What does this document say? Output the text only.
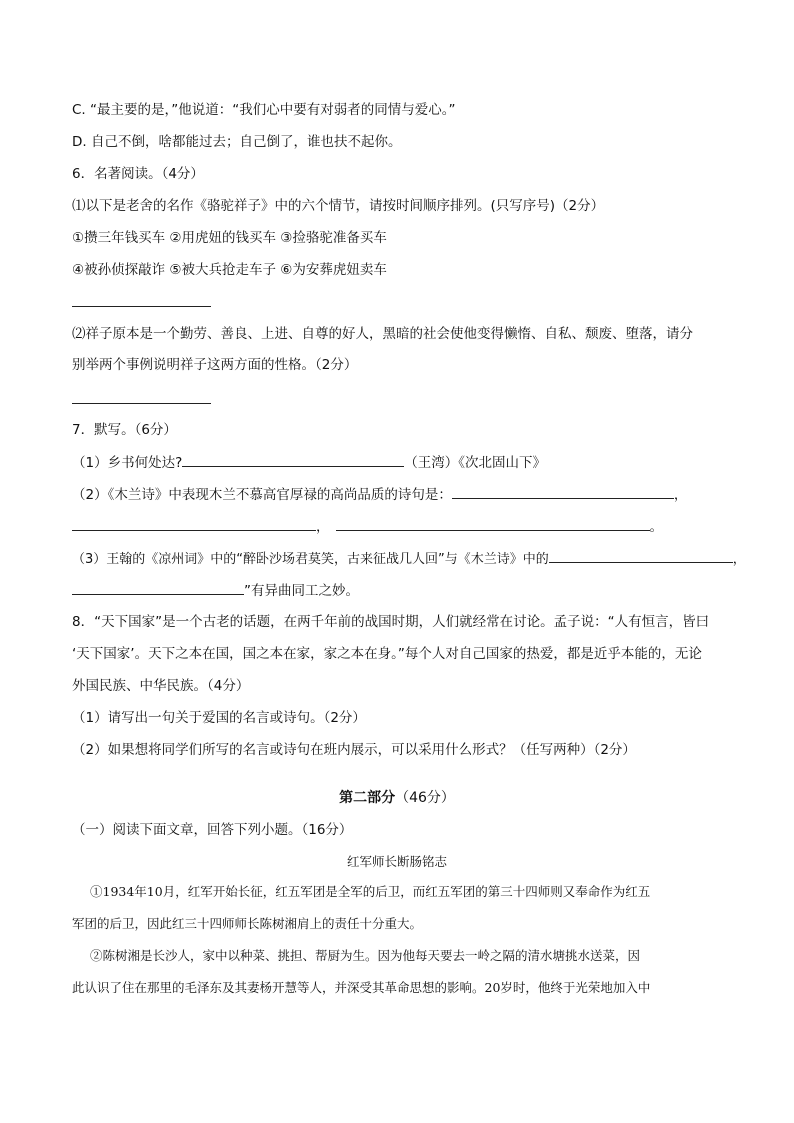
C. “最主要的是，”他说道：“我们心中要有对弱者的同情与爱心。”
D. 自己不倒，啥都能过去；自己倒了，谁也扶不起你。
6．名著阅读。（4分）
⑴以下是老舍的名作《骆驼祥子》中的六个情节，请按时间顺序排列。(只写序号)（2分）
①攒三年钱买车 ②用虎妞的钱买车 ③捡骆驼准备买车
④被孙侦探敲诈 ⑤被大兵抢走车子 ⑥为安葬虎妞卖车
⑵祥子原本是一个勤劳、善良、上进、自尊的好人，黑暗的社会使他变得懒惰、自私、颓废、堕落，请分
别举两个事例说明祥子这两方面的性格。（2分）
7．默写。（6分）
（1）乡书何处达?	（王湾）《次北固山下》
（2）《木兰诗》中表现木兰不慕高官厚禄的高尚品质的诗句是：	，
，	。
（3）王翰的《凉州词》中的“醉卧沙场君莫笑，古来征战几人回”与《木兰诗》中的	，
”有异曲同工之妙。
8．“天下国家”是一个古老的话题，在两千年前的战国时期，人们就经常在讨论。孟子说：“人有恒言，皆曰
‘天下国家’。天下之本在国，国之本在家，家之本在身。”每个人对自己国家的热爱，都是近乎本能的，无论
外国民族、中华民族。（4分）
（1）请写出一句关于爱国的名言或诗句。（2分）
（2）如果想将同学们所写的名言或诗句在班内展示，可以采用什么形式？（任写两种）（2分）
第二部分（46分）
（一）阅读下面文章，回答下列小题。（16分）
红军师长断肠铭志
①1934年10月，红军开始长征，红五军团是全军的后卫，而红五军团的第三十四师则又奉命作为红五
军团的后卫，因此红三十四师师长陈树湘肩上的责任十分重大。
②陈树湘是长沙人，家中以种菜、挑担、帮厨为生。因为他每天要去一岭之隔的清水塘挑水送菜，因
此认识了住在那里的毛泽东及其妻杨开慧等人，并深受其革命思想的影响。20岁时，他终于光荣地加入中
